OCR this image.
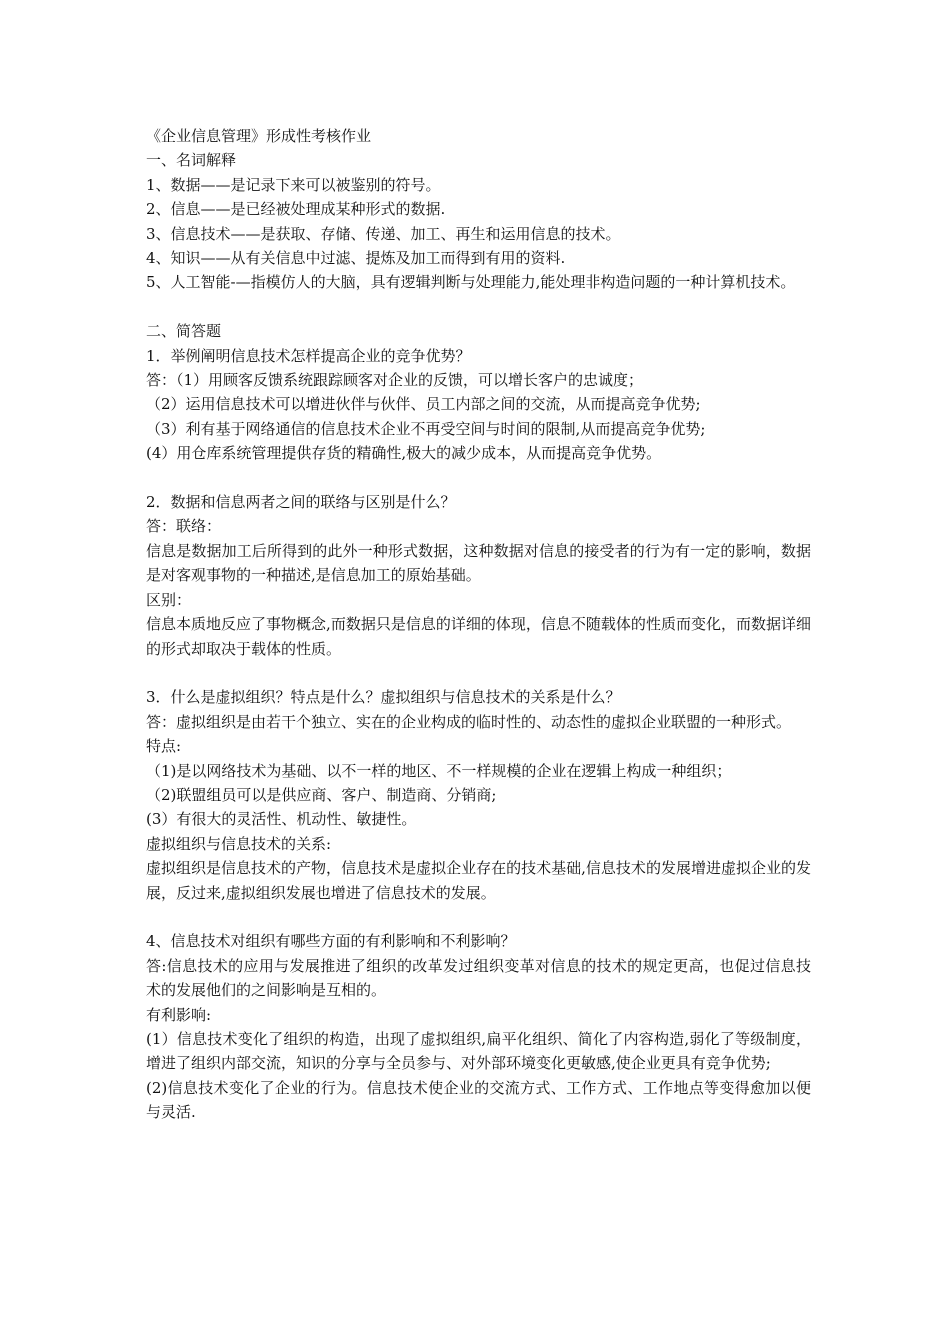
《企业信息管理》形成性考核作业
一、名词解释
1、数据——是记录下来可以被鉴别的符号。
2、信息——是已经被处理成某种形式的数据.
3、信息技术——是获取、存储、传递、加工、再生和运用信息的技术。
4、知识——从有关信息中过滤、提炼及加工而得到有用的资料.
5、人工智能-—指模仿人的大脑，具有逻辑判断与处理能力,能处理非构造问题的一种计算机技术。
二、简答题
1．举例阐明信息技术怎样提高企业的竞争优势？
答：（1）用顾客反馈系统跟踪顾客对企业的反馈，可以增长客户的忠诚度；
（2）运用信息技术可以增进伙伴与伙伴、员工内部之间的交流，从而提高竞争优势;
（3）利有基于网络通信的信息技术企业不再受空间与时间的限制,从而提高竞争优势;
(4）用仓库系统管理提供存货的精确性,极大的减少成本，从而提高竞争优势。
2．数据和信息两者之间的联络与区别是什么？
答：联络：
信息是数据加工后所得到的此外一种形式数据，这种数据对信息的接受者的行为有一定的影响，数据是对客观事物的一种描述,是信息加工的原始基础。
区别：
信息本质地反应了事物概念,而数据只是信息的详细的体现，信息不随载体的性质而变化，而数据详细的形式却取决于载体的性质。
3．什么是虚拟组织？特点是什么？虚拟组织与信息技术的关系是什么？
答：虚拟组织是由若干个独立、实在的企业构成的临时性的、动态性的虚拟企业联盟的一种形式。
特点:
（1)是以网络技术为基础、以不一样的地区、不一样规模的企业在逻辑上构成一种组织；
（2)联盟组员可以是供应商、客户、制造商、分销商;
(3）有很大的灵活性、机动性、敏捷性。
虚拟组织与信息技术的关系:
虚拟组织是信息技术的产物，信息技术是虚拟企业存在的技术基础,信息技术的发展增进虚拟企业的发展，反过来,虚拟组织发展也增进了信息技术的发展。
4、信息技术对组织有哪些方面的有利影响和不利影响？
答:信息技术的应用与发展推进了组织的改革发过组织变革对信息的技术的规定更高，也促过信息技术的发展他们的之间影响是互相的。
有利影响:
(1）信息技术变化了组织的构造，出现了虚拟组织,扁平化组织、简化了内容构造,弱化了等级制度，增进了组织内部交流，知识的分享与全员参与、对外部环境变化更敏感,使企业更具有竞争优势;
(2)信息技术变化了企业的行为。信息技术使企业的交流方式、工作方式、工作地点等变得愈加以便与灵活.
